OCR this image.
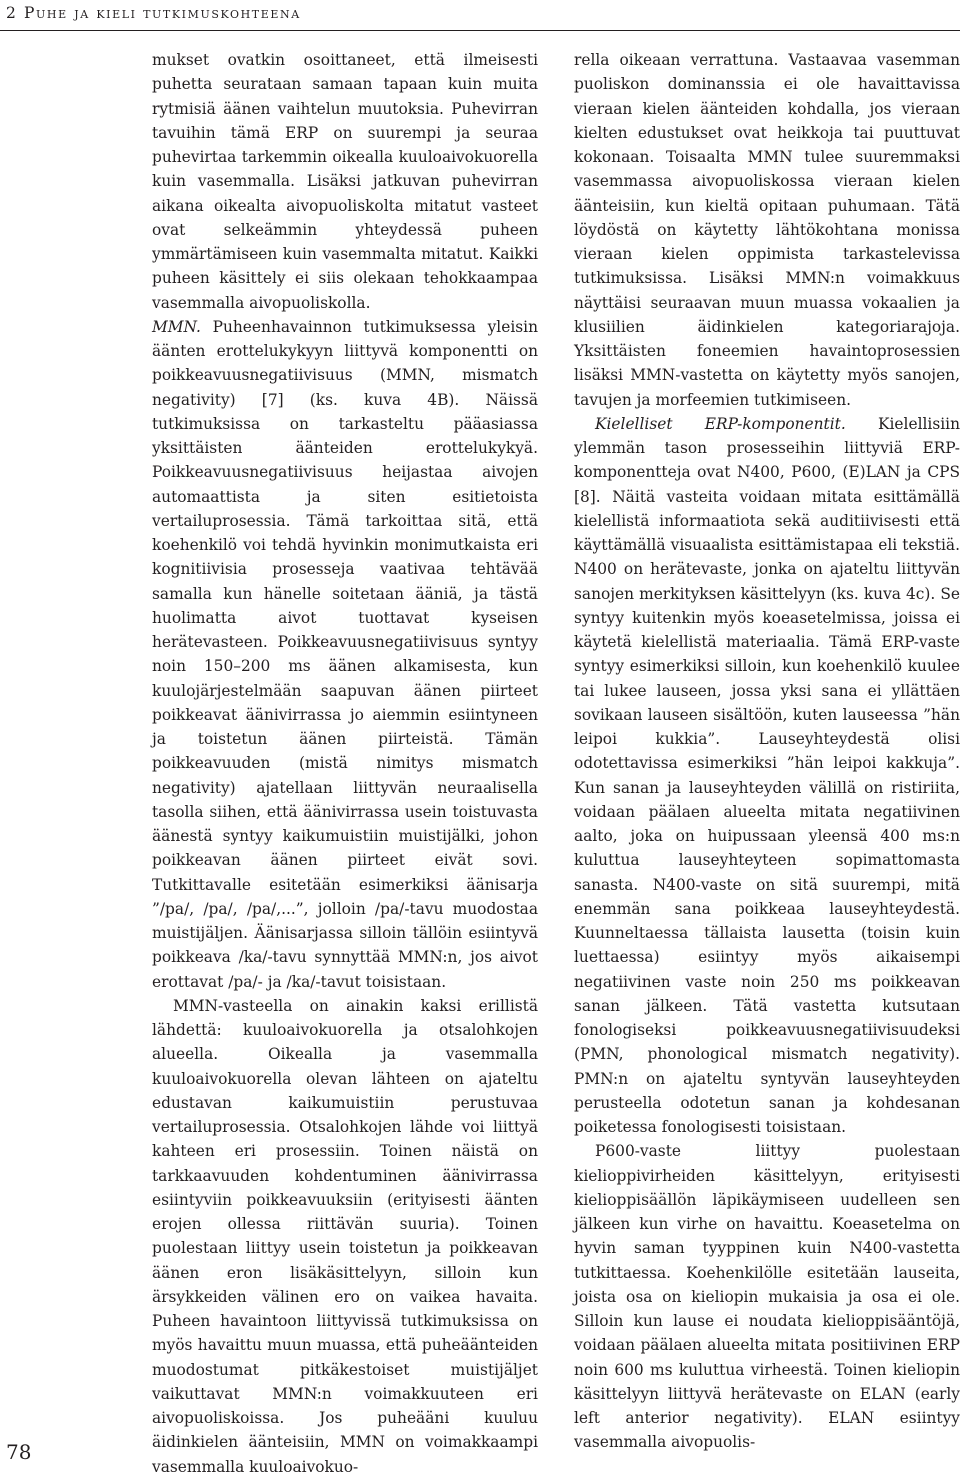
2 Puhe ja kieli tutkimuskohteena

mukset ovatkin osoittaneet, että ilmeisesti puhetta seurataan samaan tapaan kuin muita rytmisiä äänen vaihtelun muutoksia. Puhevirran tavuihin tämä ERP on suurempi ja seuraa puhevirtaa tarkemmin oikealla kuuloaivokuorella kuin vasemmalla. Lisäksi jatkuvan puhevirran aikana oikealta aivopuoliskolta mitatut vasteet ovat selkeämmin yhteydessä puheen ymmärtämiseen kuin vasemmalta mitatut. Kaikki puheen käsittely ei siis olekaan tehokkaampaa vasemmalla aivopuoliskolla.

MMN. Puheenhavainnon tutkimuksessa yleisin äänten erottelukykyyn liittyvä komponentti on poikkeavuusnegatiivisuus (MMN, mismatch negativity) [7] (ks. kuva 4B). Näissä tutkimuksissa on tarkasteltu pääasiassa yksittäisten äänteiden erottelukykyä. Poikkeavuusnegatiivisuus heijastaa aivojen automaattista ja siten esitietoista vertailuprosessia. Tämä tarkoittaa sitä, että koehenkilö voi tehdä hyvinkin monimutkaista eri kognitiivisia prosesseja vaativaa tehtävää samalla kun hänelle soitetaan ääniä, ja tästä huolimatta aivot tuottavat kyseisen herätevasteen. Poikkeavuusnegatiivisuus syntyy noin 150–200 ms äänen alkamisesta, kun kuulojärjestelmään saapuvan äänen piirteet poikkeavat äänivirrassa jo aiemmin esiintyneen ja toistetun äänen piirteistä. Tämän poikkeavuuden (mistä nimitys mismatch negativity) ajatellaan liittyvän neuraalisella tasolla siihen, että äänivirrassa usein toistuvasta äänestä syntyy kaikumuistiin muistijälki, johon poikkeavan äänen piirteet eivät sovi. Tutkittavalle esitetään esimerkiksi äänisarja ”/pa/, /pa/, /pa/,...”, jolloin /pa/-tavu muodostaa muistijäljen. Äänisarjassa silloin tällöin esiintyvä poikkeava /ka/-tavu synnyttää MMN:n, jos aivot erottavat /pa/- ja /ka/-tavut toisistaan.

MMN-vasteella on ainakin kaksi erillistä lähdettä: kuuloaivokuorella ja otsalohkojen alueella. Oikealla ja vasemmalla kuuloaivokuorella olevan lähteen on ajateltu edustavan kaikumuistiin perustuvaa vertailuprosessia. Otsalohkojen lähde voi liittyä kahteen eri prosessiin. Toinen näistä on tarkkaavuuden kohdentuminen äänivirrassa esiintyviin poikkeavuuksiin (erityisesti äänten erojen ollessa riittävän suuria). Toinen puolestaan liittyy usein toistetun ja poikkeavan äänen eron lisäkäsittelyyn, silloin kun ärsykkeiden välinen ero on vaikea havaita. Puheen havaintoon liittyvissä tutkimuksissa on myös havaittu muun muassa, että puheäänteiden muodostumat pitkäkestoiset muistijäljet vaikuttavat MMN:n voimakkuuteen eri aivopuoliskoissa. Jos puheääni kuuluu äidinkielen äänteisiin, MMN on voimakkaampi vasemmalla kuuloaivokuo-

rella oikeaan verrattuna. Vastaavaa vasemman puoliskon dominanssia ei ole havaittavissa vieraan kielen äänteiden kohdalla, jos vieraan kielten edustukset ovat heikkoja tai puuttuvat kokonaan. Toisaalta MMN tulee suuremmaksi vasemmassa aivopuoliskossa vieraan kielen äänteisiin, kun kieltä opitaan puhumaan. Tätä löydöstä on käytetty lähtökohtana monissa vieraan kielen oppimista tarkastelevissa tutkimuksissa. Lisäksi MMN:n voimakkuus näyttäisi seuraavan muun muassa vokaalien ja klusiilien äidinkielen kategoriarajoja. Yksittäisten foneemien havaintoprosessien lisäksi MMN-vastetta on käytetty myös sanojen, tavujen ja morfeemien tutkimiseen.

Kielelliset ERP-komponentit. Kielellisiin ylemmän tason prosesseihin liittyviä ERP-komponentteja ovat N400, P600, (E)LAN ja CPS [8]. Näitä vasteita voidaan mitata esittämällä kielellistä informaatiota sekä auditiivisesti että käyttämällä visuaalista esittämistapaa eli tekstiä. N400 on herätevaste, jonka on ajateltu liittyvän sanojen merkityksen käsittelyyn (ks. kuva 4c). Se syntyy kuitenkin myös koeasetelmissa, joissa ei käytetä kielellistä materiaalia. Tämä ERP-vaste syntyy esimerkiksi silloin, kun koehenkilö kuulee tai lukee lauseen, jossa yksi sana ei yllättäen sovikaan lauseen sisältöön, kuten lauseessa ”hän leipoi kukkia”. Lauseyhteydestä olisi odotettavissa esimerkiksi ”hän leipoi kakkuja”. Kun sanan ja lauseyhteyden välillä on ristiriita, voidaan päälaen alueelta mitata negatiivinen aalto, joka on huipussaan yleensä 400 ms:n kuluttua lauseyhteyteen sopimattomasta sanasta. N400-vaste on sitä suurempi, mitä enemmän sana poikkeaa lauseyhteydestä. Kuunneltaessa tällaista lausetta (toisin kuin luettaessa) esiintyy myös aikaisempi negatiivinen vaste noin 250 ms poikkeavan sanan jälkeen. Tätä vastetta kutsutaan fonologiseksi poikkeavuusnegatiivisuudeksi (PMN, phonological mismatch negativity). PMN:n on ajateltu syntyvän lauseyhteyden perusteella odotetun sanan ja kohdesanan poiketessa fonologisesti toisistaan.

P600-vaste liittyy puolestaan kielioppivirheiden käsittelyyn, erityisesti kielioppisäällön läpikäymiseen uudelleen sen jälkeen kun virhe on havaittu. Koeasetelma on hyvin saman tyyppinen kuin N400-vastetta tutkittaessa. Koehenkilölle esitetään lauseita, joista osa on kieliopin mukaisia ja osa ei ole. Silloin kun lause ei noudata kielioppisääntöjä, voidaan päälaen alueelta mitata positiivinen ERP noin 600 ms kuluttua virheestä. Toinen kieliopin käsittelyyn liittyvä herätevaste on ELAN (early left anterior negativity). ELAN esiintyy vasemmalla aivopuolis-

78
